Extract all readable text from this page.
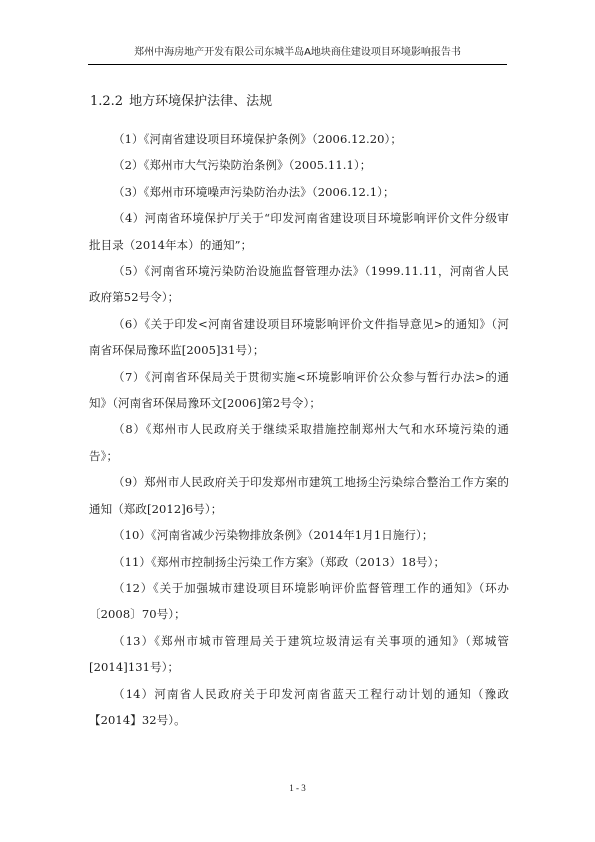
郑州中海房地产开发有限公司东城半岛A地块商住建设项目环境影响报告书
1.2.2 地方环境保护法律、法规

（1）《河南省建设项目环境保护条例》（2006.12.20）；

（2）《郑州市大气污染防治条例》（2005.11.1）；

（3）《郑州市环境噪声污染防治办法》（2006.12.1）；

（4）河南省环境保护厅关于“印发河南省建设项目环境影响评价文件分级审批目录（2014年本）的通知”；

（5）《河南省环境污染防治设施监督管理办法》（1999.11.11，河南省人民政府第52号令）；

（6）《关于印发<河南省建设项目环境影响评价文件指导意见>的通知》（河南省环保局豫环监[2005]31号）；

（7）《河南省环保局关于贯彻实施<环境影响评价公众参与暂行办法>的通知》（河南省环保局豫环文[2006]第2号令）；

（8）《郑州市人民政府关于继续采取措施控制郑州大气和水环境污染的通告》；

（9）郑州市人民政府关于印发郑州市建筑工地扬尘污染综合整治工作方案的通知（郑政[2012]6号）；

（10）《河南省减少污染物排放条例》（2014年1月1日施行）；

（11）《郑州市控制扬尘污染工作方案》（郑政（2013）18号）；

（12）《关于加强城市建设项目环境影响评价监督管理工作的通知》（环办〔2008〕70号）；

（13）《郑州市城市管理局关于建筑垃圾清运有关事项的通知》（郑城管[2014]131号）；

（14）河南省人民政府关于印发河南省蓝天工程行动计划的通知（豫政【2014】32号）。

1 - 3
